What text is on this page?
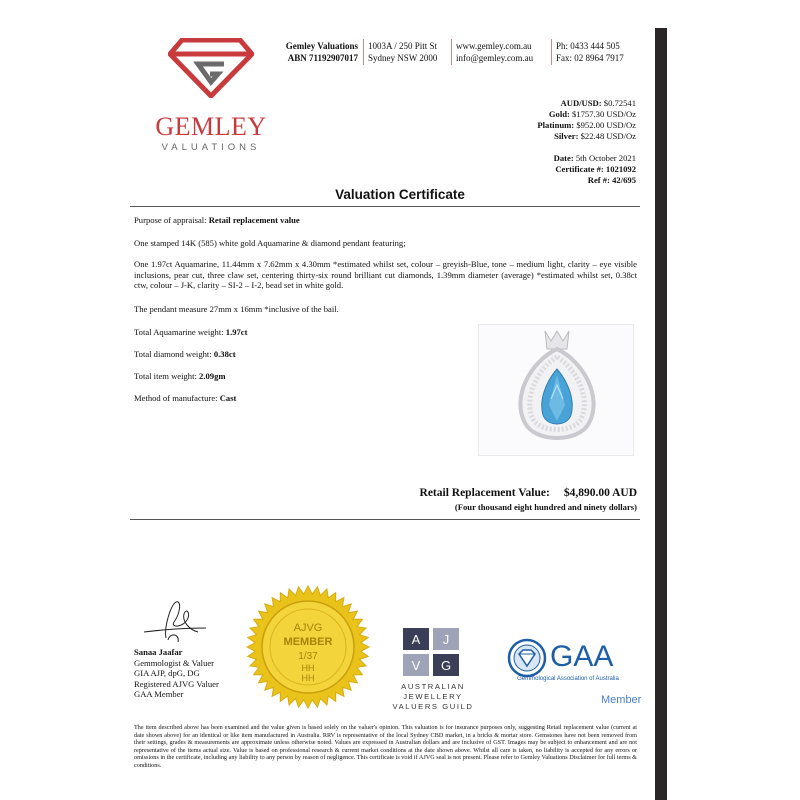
GEMLEY
VALUATIONS
Gemley Valuations
ABN 71192907017
1003A / 250 Pitt St
Sydney NSW 2000
www.gemley.com.au
info@gemley.com.au
Ph: 0433 444 505
Fax: 02 8964 7917
AUD/USD: $0.72541
Gold: $1757.30 USD/Oz
Platinum: $952.00 USD/Oz
Silver: $22.48 USD/Oz
Date: 5th October 2021
Certificate #: 1021092
Ref #: 42/695
Valuation Certificate
Purpose of appraisal: Retail replacement value
One stamped 14K (585) white gold Aquamarine & diamond pendant featuring;
One 1.97ct Aquamarine, 11.44mm x 7.62mm x 4.30mm *estimated whilst set, colour – greyish-Blue, tone – medium light, clarity – eye visible inclusions, pear cut, three claw set, centering thirty-six round brilliant cut diamonds, 1.39mm diameter (average) *estimated whilst set, 0.38ct ctw, colour – J-K, clarity – SI-2 – I-2, bead set in white gold.
The pendant measure 27mm x 16mm *inclusive of the bail.
Total Aquamarine weight: 1.97ct
Total diamond weight: 0.38ct
Total item weight: 2.09gm
Method of manufacture: Cast
Retail Replacement Value: $4,890.00 AUD
(Four thousand eight hundred and ninety dollars)
Sanaa Jaafar
Gemmologist & Valuer
GIA AJP, dpG, DG
Registered AJVG Valuer
GAA Member
AJVG
MEMBER
1/37
HH
HH
A J
V G
AUSTRALIAN JEWELLERY
VALUERS GUILD
GAA
Gemmological Association of Australia
Member
The item described above has been examined and the value given is based solely on the valuer's opinion. This valuation is for insurance purposes only, suggesting Retail replacement value (current at date shown above) for an identical or like item manufactured in Australia. RRV is representative of the local Sydney CBD market, in a bricks & mortar store. Gemstones have not been removed from their settings, grades & measurements are approximate unless otherwise noted. Values are expressed in Australian dollars and are inclusive of GST. Images may be subject to enhancement and are not representative of the items actual size. Value is based on professional research & current market conditions at the date shown above. Whilst all care is taken, no liability is accepted for any errors or omissions in the certificate, including any liability to any person by reason of negligence. This certificate is void if AJVG seal is not present. Please refer to Gemley Valuations Disclaimer for full terms & conditions.
